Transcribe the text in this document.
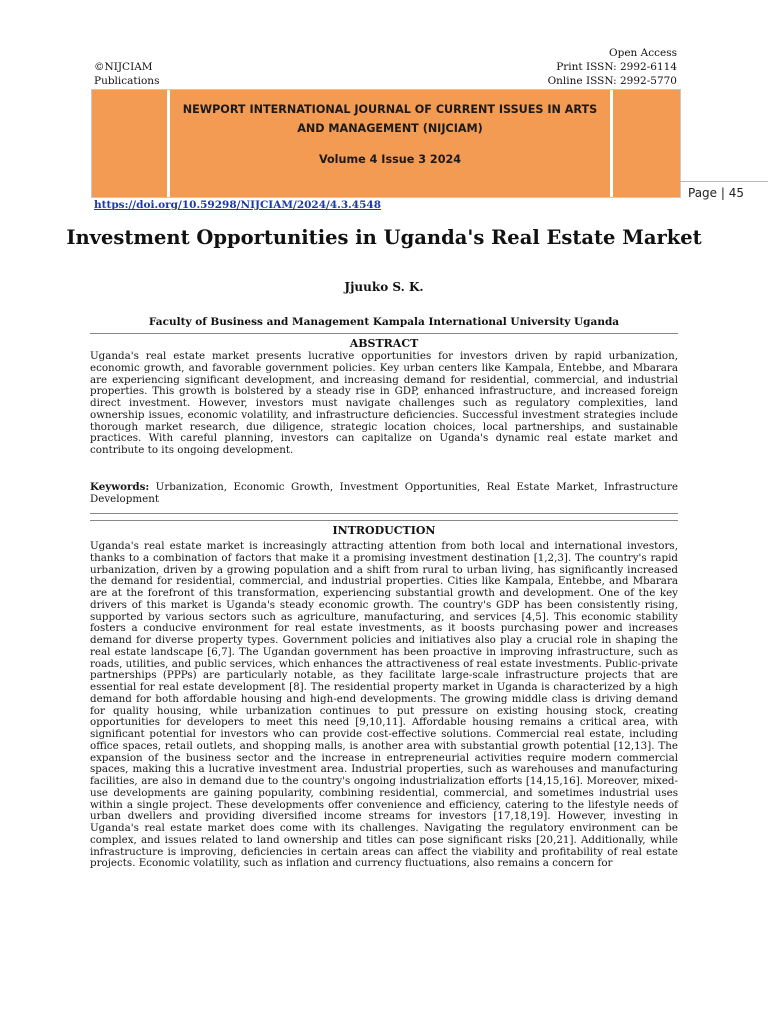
©NIJCIAM
Publications
Open Access
Print ISSN: 2992-6114
Online ISSN: 2992-5770
NEWPORT INTERNATIONAL JOURNAL OF CURRENT ISSUES IN ARTS AND MANAGEMENT (NIJCIAM)
Volume 4 Issue 3 2024
Page | 45
https://doi.org/10.59298/NIJCIAM/2024/4.3.4548
Investment Opportunities in Uganda's Real Estate Market
Jjuuko S. K.
Faculty of Business and Management Kampala International University Uganda
ABSTRACT
Uganda's real estate market presents lucrative opportunities for investors driven by rapid urbanization, economic growth, and favorable government policies. Key urban centers like Kampala, Entebbe, and Mbarara are experiencing significant development, and increasing demand for residential, commercial, and industrial properties. This growth is bolstered by a steady rise in GDP, enhanced infrastructure, and increased foreign direct investment. However, investors must navigate challenges such as regulatory complexities, land ownership issues, economic volatility, and infrastructure deficiencies. Successful investment strategies include thorough market research, due diligence, strategic location choices, local partnerships, and sustainable practices. With careful planning, investors can capitalize on Uganda's dynamic real estate market and contribute to its ongoing development.
Keywords: Urbanization, Economic Growth, Investment Opportunities, Real Estate Market, Infrastructure Development
INTRODUCTION
Uganda's real estate market is increasingly attracting attention from both local and international investors, thanks to a combination of factors that make it a promising investment destination [1,2,3]. The country's rapid urbanization, driven by a growing population and a shift from rural to urban living, has significantly increased the demand for residential, commercial, and industrial properties. Cities like Kampala, Entebbe, and Mbarara are at the forefront of this transformation, experiencing substantial growth and development. One of the key drivers of this market is Uganda's steady economic growth. The country's GDP has been consistently rising, supported by various sectors such as agriculture, manufacturing, and services [4,5]. This economic stability fosters a conducive environment for real estate investments, as it boosts purchasing power and increases demand for diverse property types. Government policies and initiatives also play a crucial role in shaping the real estate landscape [6,7]. The Ugandan government has been proactive in improving infrastructure, such as roads, utilities, and public services, which enhances the attractiveness of real estate investments. Public-private partnerships (PPPs) are particularly notable, as they facilitate large-scale infrastructure projects that are essential for real estate development [8]. The residential property market in Uganda is characterized by a high demand for both affordable housing and high-end developments. The growing middle class is driving demand for quality housing, while urbanization continues to put pressure on existing housing stock, creating opportunities for developers to meet this need [9,10,11]. Affordable housing remains a critical area, with significant potential for investors who can provide cost-effective solutions. Commercial real estate, including office spaces, retail outlets, and shopping malls, is another area with substantial growth potential [12,13]. The expansion of the business sector and the increase in entrepreneurial activities require modern commercial spaces, making this a lucrative investment area. Industrial properties, such as warehouses and manufacturing facilities, are also in demand due to the country's ongoing industrialization efforts [14,15,16]. Moreover, mixed-use developments are gaining popularity, combining residential, commercial, and sometimes industrial uses within a single project. These developments offer convenience and efficiency, catering to the lifestyle needs of urban dwellers and providing diversified income streams for investors [17,18,19]. However, investing in Uganda's real estate market does come with its challenges. Navigating the regulatory environment can be complex, and issues related to land ownership and titles can pose significant risks [20,21]. Additionally, while infrastructure is improving, deficiencies in certain areas can affect the viability and profitability of real estate projects. Economic volatility, such as inflation and currency fluctuations, also remains a concern for
